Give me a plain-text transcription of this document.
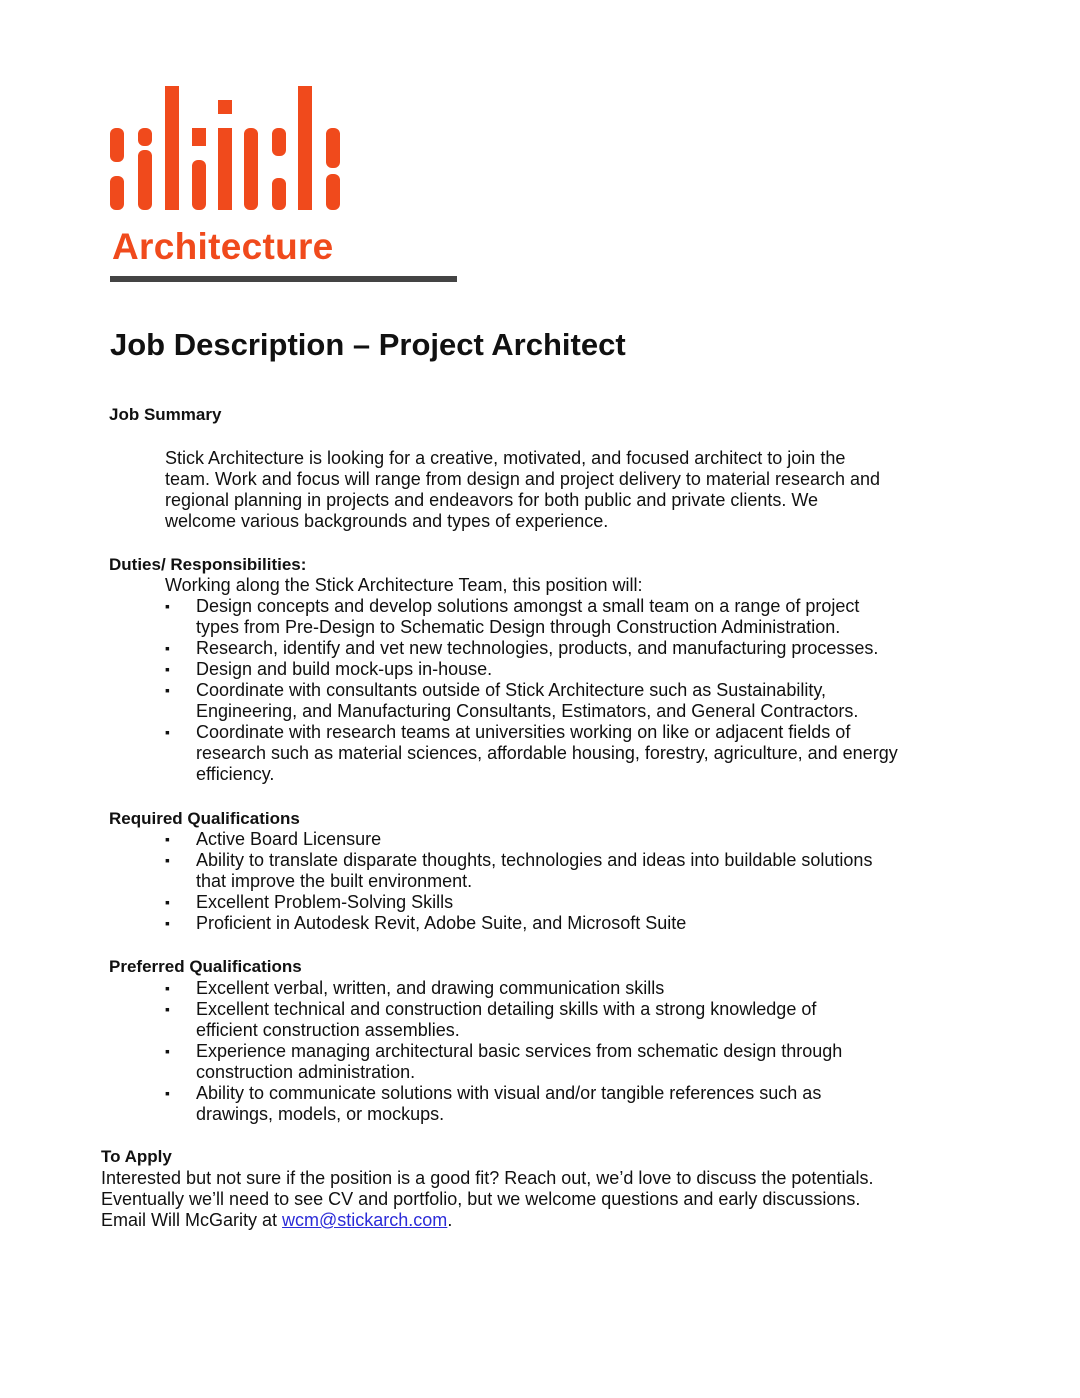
Architecture
Job Description – Project Architect
Job Summary
Stick Architecture is looking for a creative, motivated, and focused architect to join the
team. Work and focus will range from design and project delivery to material research and
regional planning in projects and endeavors for both public and private clients. We
welcome various backgrounds and types of experience.
Duties/ Responsibilities:
Working along the Stick Architecture Team, this position will:
▪ Design concepts and develop solutions amongst a small team on a range of project
types from Pre-Design to Schematic Design through Construction Administration.
▪ Research, identify and vet new technologies, products, and manufacturing processes.
▪ Design and build mock-ups in-house.
▪ Coordinate with consultants outside of Stick Architecture such as Sustainability,
Engineering, and Manufacturing Consultants, Estimators, and General Contractors.
▪ Coordinate with research teams at universities working on like or adjacent fields of
research such as material sciences, affordable housing, forestry, agriculture, and energy
efficiency.
Required Qualifications
▪ Active Board Licensure
▪ Ability to translate disparate thoughts, technologies and ideas into buildable solutions
that improve the built environment.
▪ Excellent Problem-Solving Skills
▪ Proficient in Autodesk Revit, Adobe Suite, and Microsoft Suite
Preferred Qualifications
▪ Excellent verbal, written, and drawing communication skills
▪ Excellent technical and construction detailing skills with a strong knowledge of
efficient construction assemblies.
▪ Experience managing architectural basic services from schematic design through
construction administration.
▪ Ability to communicate solutions with visual and/or tangible references such as
drawings, models, or mockups.
To Apply
Interested but not sure if the position is a good fit? Reach out, we’d love to discuss the potentials.
Eventually we’ll need to see CV and portfolio, but we welcome questions and early discussions.
Email Will McGarity at wcm@stickarch.com.
